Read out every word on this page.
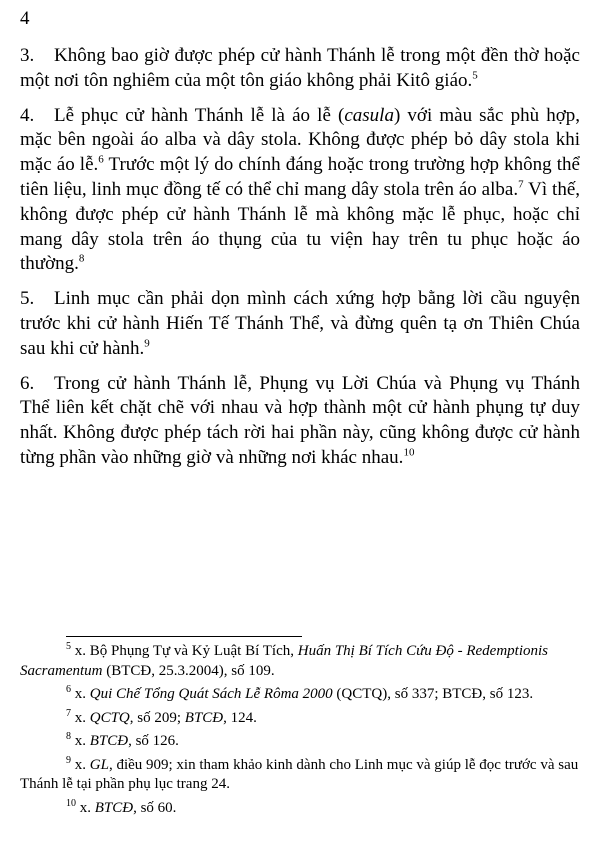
4

3. Không bao giờ được phép cử hành Thánh lễ trong một đền thờ hoặc một nơi tôn nghiêm của một tôn giáo không phải Kitô giáo.$^5$

4. Lễ phục cử hành Thánh lễ là áo lễ (casula) với màu sắc phù hợp, mặc bên ngoài áo alba và dây stola. Không được phép bỏ dây stola khi mặc áo lễ.$^6$ Trước một lý do chính đáng hoặc trong trường hợp không thể tiên liệu, linh mục đồng tế có thể chỉ mang dây stola trên áo alba.$^7$ Vì thế, không được phép cử hành Thánh lễ mà không mặc lễ phục, hoặc chỉ mang dây stola trên áo thụng của tu viện hay trên tu phục hoặc áo thường.$^8$

5. Linh mục cần phải dọn mình cách xứng hợp bằng lời cầu nguyện trước khi cử hành Hiến Tế Thánh Thể, và đừng quên tạ ơn Thiên Chúa sau khi cử hành.$^9$

6. Trong cử hành Thánh lễ, Phụng vụ Lời Chúa và Phụng vụ Thánh Thể liên kết chặt chẽ với nhau và hợp thành một cử hành phụng tự duy nhất. Không được phép tách rời hai phần này, cũng không được cử hành từng phần vào những giờ và những nơi khác nhau.$^{10}$

$^5$ x. Bộ Phụng Tự và Kỷ Luật Bí Tích, Huấn Thị Bí Tích Cứu Độ - Redemptionis Sacramentum (BTCĐ, 25.3.2004), số 109.

$^6$ x. Qui Chế Tổng Quát Sách Lễ Rôma 2000 (QCTQ), số 337; BTCĐ, số 123.

$^7$ x. QCTQ, số 209; BTCĐ, 124.

$^8$ x. BTCĐ, số 126.

$^9$ x. GL, điều 909; xin tham khảo kinh dành cho Linh mục và giúp lễ đọc trước và sau Thánh lễ tại phần phụ lục trang 24.

$^{10}$ x. BTCĐ, số 60.
